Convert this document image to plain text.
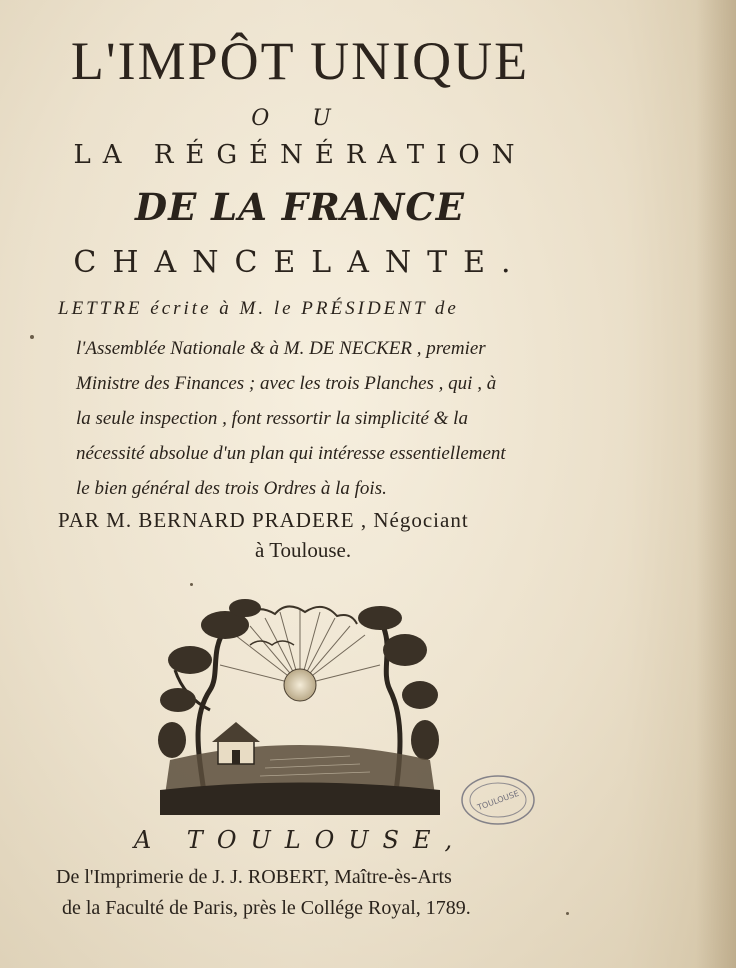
L'IMPÔT UNIQUE
O U
LA RÉGÉNÉRATION
DE LA FRANCE
CHANCELANTE.
LETTRE écrite à M. le PRÉSIDENT de
l'Assemblée Nationale & à M. DE NECKER , premier
Ministre des Finances ; avec les trois Planches , qui , à
la seule inspection , font ressortir la simplicité & la
nécessité absolue d'un plan qui intéresse essentiellement
le bien général des trois Ordres à la fois.
PAR M. BERNARD PRADERE , Négociant
à Toulouse.
TOULOUSE
A TOULOUSE,
De l'Imprimerie de J. J. ROBERT, Maître-ès-Arts
de la Faculté de Paris, près le Collége Royal, 1789.
